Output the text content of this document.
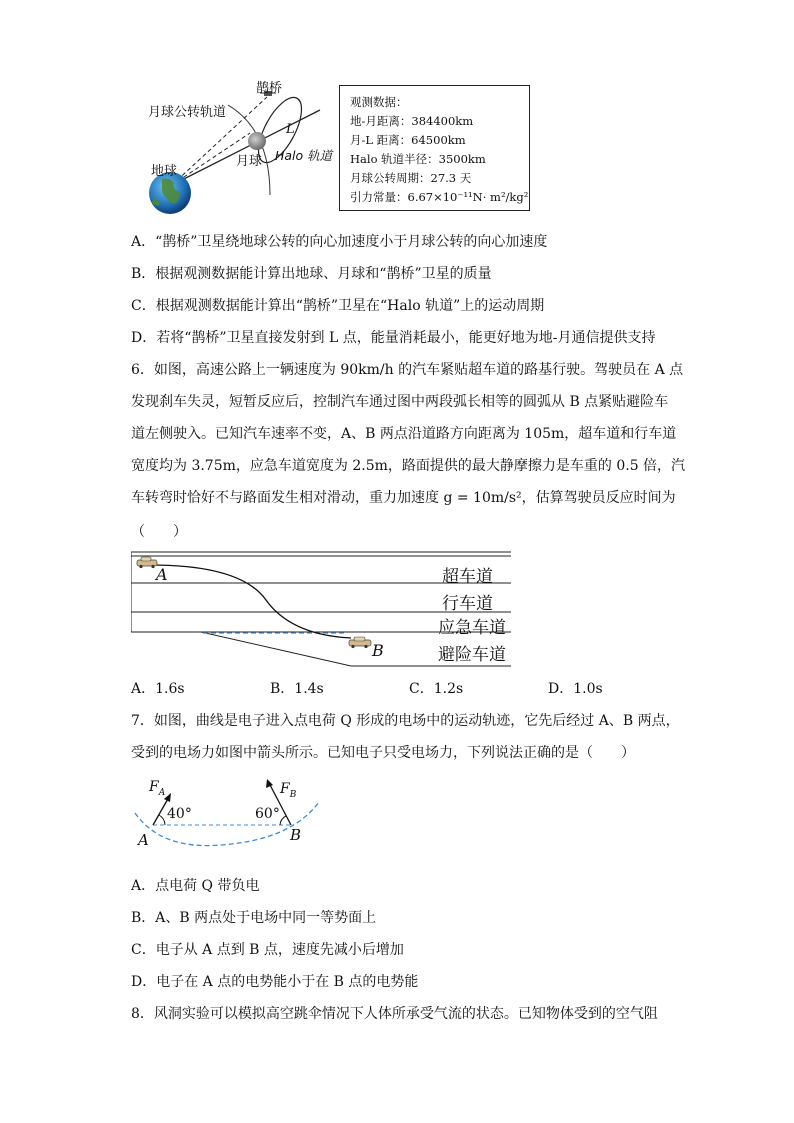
鹊桥
月球公转轨道
地球
月球
L
Halo 轨道
观测数据：
地-月距离：384400km
月-L 距离：64500km
Halo 轨道半径：3500km
月球公转周期：27.3 天
引力常量：6.67×10⁻¹¹N· m²/kg²
A．“鹊桥”卫星绕地球公转的向心加速度小于月球公转的向心加速度
B．根据观测数据能计算出地球、月球和“鹊桥”卫星的质量
C．根据观测数据能计算出“鹊桥”卫星在“Halo 轨道”上的运动周期
D．若将“鹊桥”卫星直接发射到 L 点，能量消耗最小，能更好地为地-月通信提供支持
6．如图，高速公路上一辆速度为 90km/h 的汽车紧贴超车道的路基行驶。驾驶员在 A 点
发现刹车失灵，短暂反应后，控制汽车通过图中两段弧长相等的圆弧从 B 点紧贴避险车
道左侧驶入。已知汽车速率不变，A、B 两点沿道路方向距离为 105m，超车道和行车道
宽度均为 3.75m，应急车道宽度为 2.5m，路面提供的最大静摩擦力是车重的 0.5 倍，汽
车转弯时恰好不与路面发生相对滑动，重力加速度 g = 10m/s²，估算驾驶员反应时间为
（　　）
A
B
超车道
行车道
应急车道
避险车道
A．1.6s	B．1.4s	C．1.2s	D．1.0s
7．如图，曲线是电子进入点电荷 Q 形成的电场中的运动轨迹，它先后经过 A、B 两点，
受到的电场力如图中箭头所示。已知电子只受电场力，下列说法正确的是（　　）
$F_A$	$F_B$
40°	60°
A	B
A．点电荷 Q 带负电
B．A、B 两点处于电场中同一等势面上
C．电子从 A 点到 B 点，速度先减小后增加
D．电子在 A 点的电势能小于在 B 点的电势能
8．风洞实验可以模拟高空跳伞情况下人体所承受气流的状态。已知物体受到的空气阻
